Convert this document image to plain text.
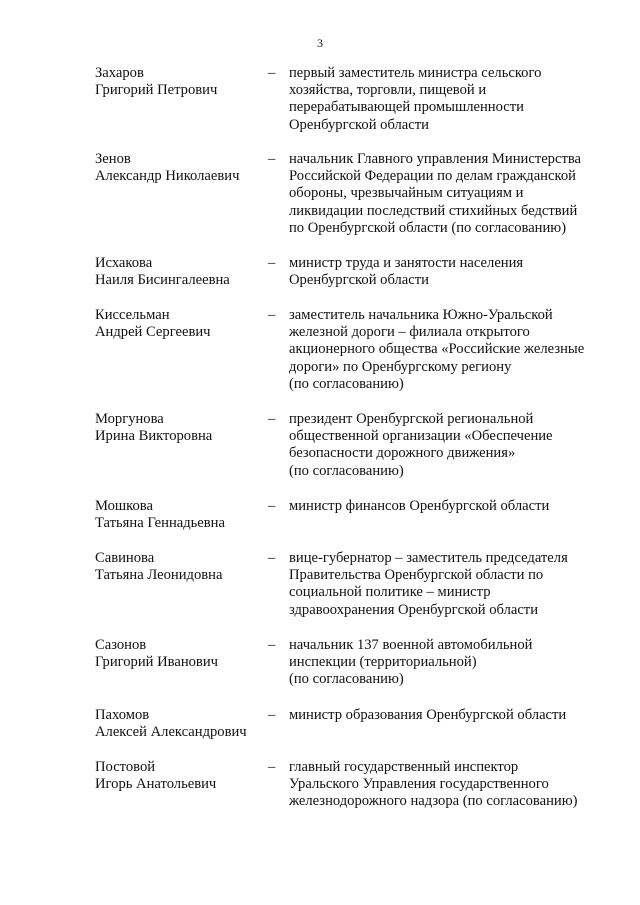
3
Захаров
Григорий Петрович
– первый заместитель министра сельского
хозяйства, торговли, пищевой и
перерабатывающей промышленности
Оренбургской области
Зенов
Александр Николаевич
– начальник Главного управления Министерства
Российской Федерации по делам гражданской
обороны, чрезвычайным ситуациям и
ликвидации последствий стихийных бедствий
по Оренбургской области (по согласованию)
Исхакова
Наиля Бисингалеевна
– министр труда и занятости населения
Оренбургской области
Киссельман
Андрей Сергеевич
– заместитель начальника Южно-Уральской
железной дороги – филиала открытого
акционерного общества «Российские железные
дороги» по Оренбургскому региону
(по согласованию)
Моргунова
Ирина Викторовна
– президент Оренбургской региональной
общественной организации «Обеспечение
безопасности дорожного движения»
(по согласованию)
Мошкова
Татьяна Геннадьевна
– министр финансов Оренбургской области
Савинова
Татьяна Леонидовна
– вице-губернатор – заместитель председателя
Правительства Оренбургской области по
социальной политике – министр
здравоохранения Оренбургской области
Сазонов
Григорий Иванович
– начальник 137 военной автомобильной
инспекции (территориальной)
(по согласованию)
Пахомов
Алексей Александрович
– министр образования Оренбургской области
Постовой
Игорь Анатольевич
– главный государственный инспектор
Уральского Управления государственного
железнодорожного надзора (по согласованию)
